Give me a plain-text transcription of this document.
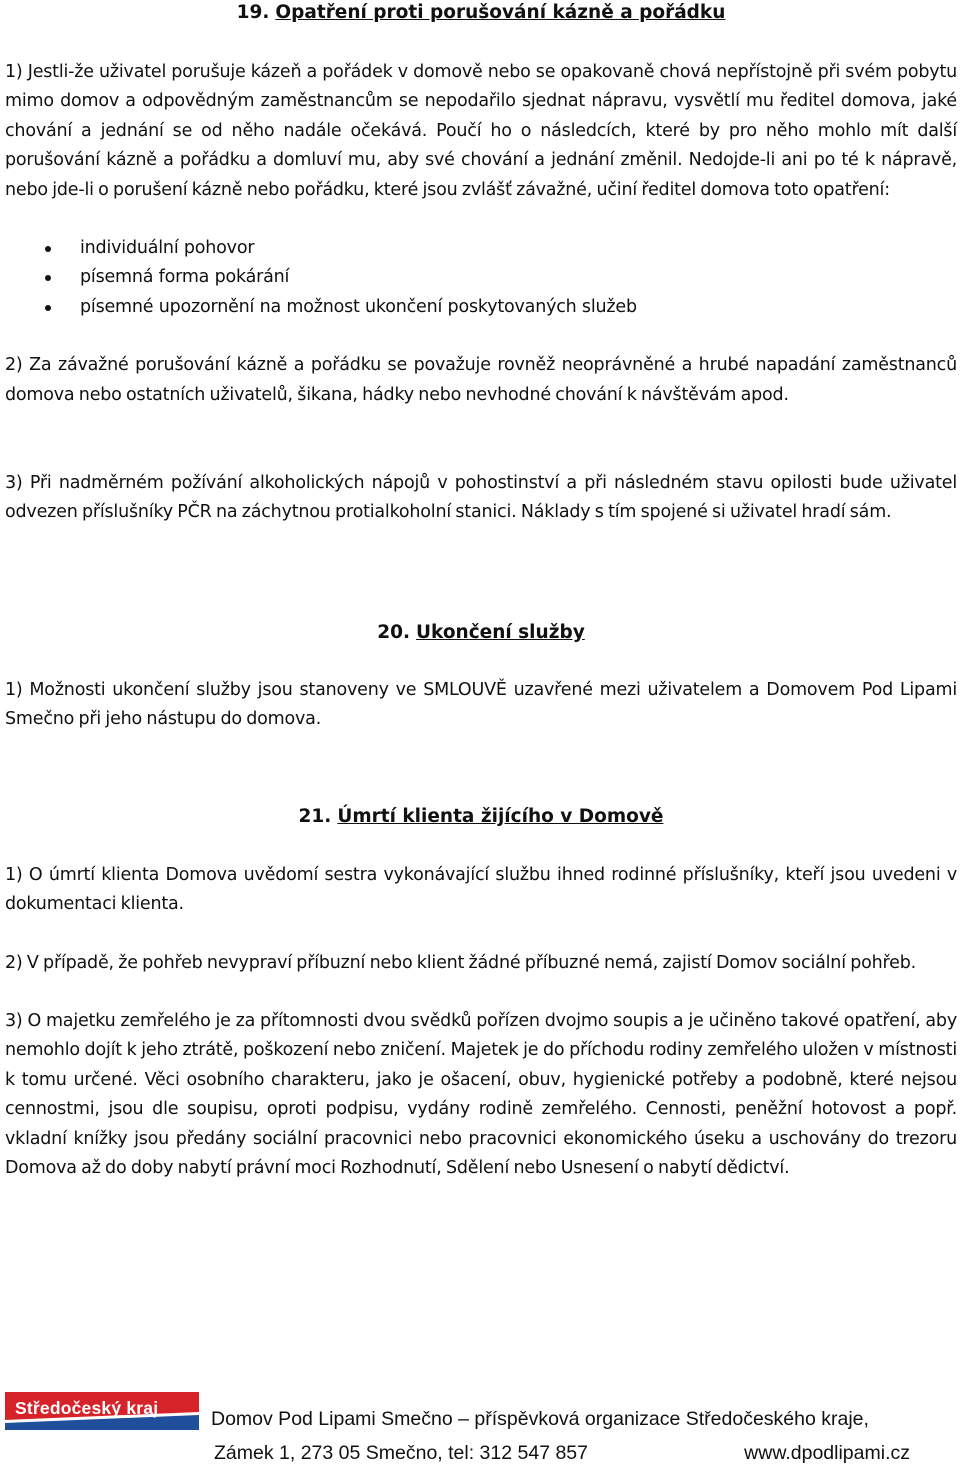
19. Opatření proti porušování kázně a pořádku

1) Jestli-že uživatel porušuje kázeň a pořádek v domově nebo se opakovaně chová nepřístojně při svém pobytu mimo domov a odpovědným zaměstnancům se nepodařilo sjednat nápravu, vysvětlí mu ředitel domova, jaké chování a jednání se od něho nadále očekává. Poučí ho o následcích, které by pro něho mohlo mít další porušování kázně a pořádku a domluví mu, aby své chování a jednání změnil. Nedojde-li ani po té k nápravě, nebo jde-li o porušení kázně nebo pořádku, které jsou zvlášť závažné, učiní ředitel domova toto opatření:

individuální pohovor
písemná forma pokárání
písemné upozornění na možnost ukončení poskytovaných služeb

2) Za závažné porušování kázně a pořádku se považuje rovněž neoprávněné a hrubé napadání zaměstnanců domova nebo ostatních uživatelů, šikana, hádky nebo nevhodné chování k návštěvám apod.

3) Při nadměrném požívání alkoholických nápojů v pohostinství a při následném stavu opilosti bude uživatel odvezen příslušníky PČR na záchytnou protialkoholní stanici. Náklady s tím spojené si uživatel hradí sám.

20. Ukončení služby

1) Možnosti ukončení služby jsou stanoveny ve SMLOUVĚ uzavřené mezi uživatelem a Domovem Pod Lipami Smečno při jeho nástupu do domova.

21. Úmrtí klienta žijícího v Domově

1) O úmrtí klienta Domova uvědomí sestra vykonávající službu ihned rodinné příslušníky, kteří jsou uvedeni v dokumentaci klienta.

2) V případě, že pohřeb nevypraví příbuzní nebo klient žádné příbuzné nemá, zajistí Domov sociální pohřeb.

3) O majetku zemřelého je za přítomnosti dvou svědků pořízen dvojmo soupis a je učiněno takové opatření, aby nemohlo dojít k jeho ztrátě, poškození nebo zničení. Majetek je do příchodu rodiny zemřelého uložen v místnosti k tomu určené. Věci osobního charakteru, jako je ošacení, obuv, hygienické potřeby a podobně, které nejsou cennostmi, jsou dle soupisu, oproti podpisu, vydány rodině zemřelého. Cennosti, peněžní hotovost a popř. vkladní knížky jsou předány sociální pracovnici nebo pracovnici ekonomického úseku a uschovány do trezoru Domova až do doby nabytí právní moci Rozhodnutí, Sdělení nebo Usnesení o nabytí dědictví.

Středočeský kraj	Domov Pod Lipami Smečno – příspěvková organizace Středočeského kraje,
Zámek 1, 273 05 Smečno, tel: 312 547 857	www.dpodlipami.cz
